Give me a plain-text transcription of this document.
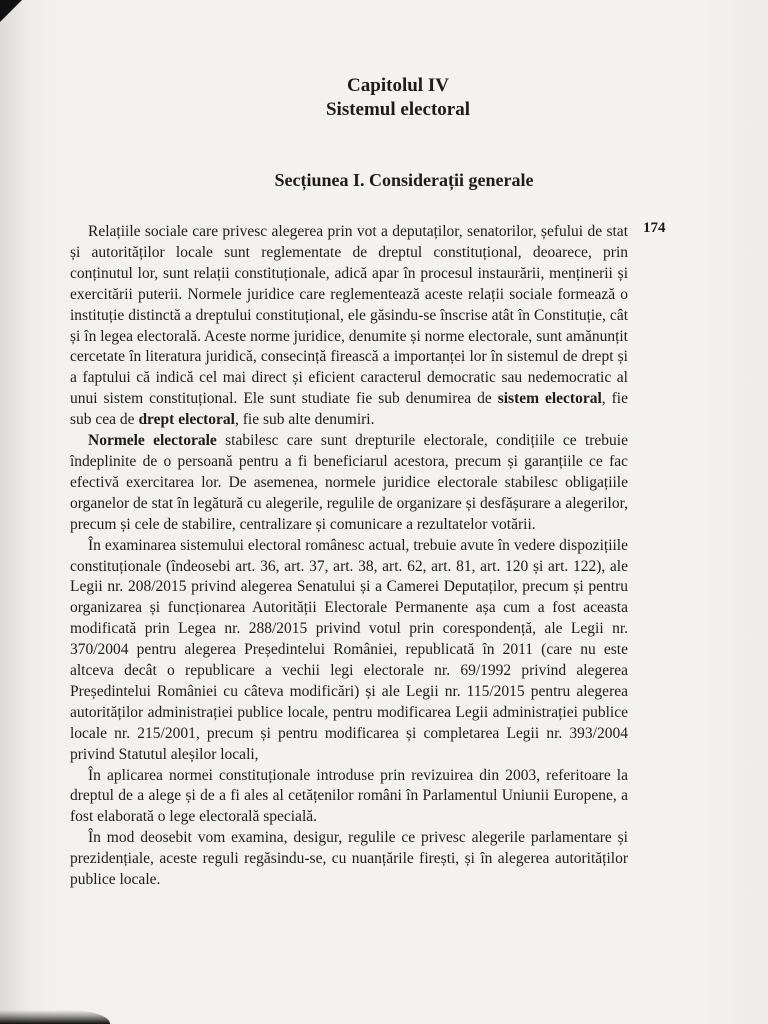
Capitolul IV
Sistemul electoral
Secțiunea I. Considerații generale
174

Relațiile sociale care privesc alegerea prin vot a deputaților, senatorilor, șefului de stat și autorităților locale sunt reglementate de dreptul constituțional, deoarece, prin conținutul lor, sunt relații constituționale, adică apar în procesul instaurării, menținerii și exercitării puterii. Normele juridice care reglementează aceste relații sociale formează o instituție distinctă a dreptului constituțional, ele găsindu-se înscrise atât în Constituție, cât și în legea electorală. Aceste norme juridice, denumite și norme electorale, sunt amănunțit cercetate în literatura juridică, consecință firească a importanței lor în sistemul de drept și a faptului că indică cel mai direct și eficient caracterul democratic sau nedemocratic al unui sistem constituțional. Ele sunt studiate fie sub denumirea de sistem electoral, fie sub cea de drept electoral, fie sub alte denumiri.

Normele electorale stabilesc care sunt drepturile electorale, condițiile ce trebuie îndeplinite de o persoană pentru a fi beneficiarul acestora, precum și garanțiile ce fac efectivă exercitarea lor. De asemenea, normele juridice electorale stabilesc obligațiile organelor de stat în legătură cu alegerile, regulile de organizare și desfășurare a alegerilor, precum și cele de stabilire, centralizare și comunicare a rezultatelor votării.

În examinarea sistemului electoral românesc actual, trebuie avute în vedere dispozițiile constituționale (îndeosebi art. 36, art. 37, art. 38, art. 62, art. 81, art. 120 și art. 122), ale Legii nr. 208/2015 privind alegerea Senatului și a Camerei Deputaților, precum și pentru organizarea și funcționarea Autorității Electorale Permanente așa cum a fost aceasta modificată prin Legea nr. 288/2015 privind votul prin corespondență, ale Legii nr. 370/2004 pentru alegerea Președintelui României, republicată în 2011 (care nu este altceva decât o republicare a vechii legi electorale nr. 69/1992 privind alegerea Președintelui României cu câteva modificări) și ale Legii nr. 115/2015 pentru alegerea autorităților administrației publice locale, pentru modificarea Legii administrației publice locale nr. 215/2001, precum și pentru modificarea și completarea Legii nr. 393/2004 privind Statutul aleșilor locali,

În aplicarea normei constituționale introduse prin revizuirea din 2003, referitoare la dreptul de a alege și de a fi ales al cetățenilor români în Parlamentul Uniunii Europene, a fost elaborată o lege electorală specială.

În mod deosebit vom examina, desigur, regulile ce privesc alegerile parlamentare și prezidențiale, aceste reguli regăsindu-se, cu nuanțările firești, și în alegerea autorităților publice locale.
